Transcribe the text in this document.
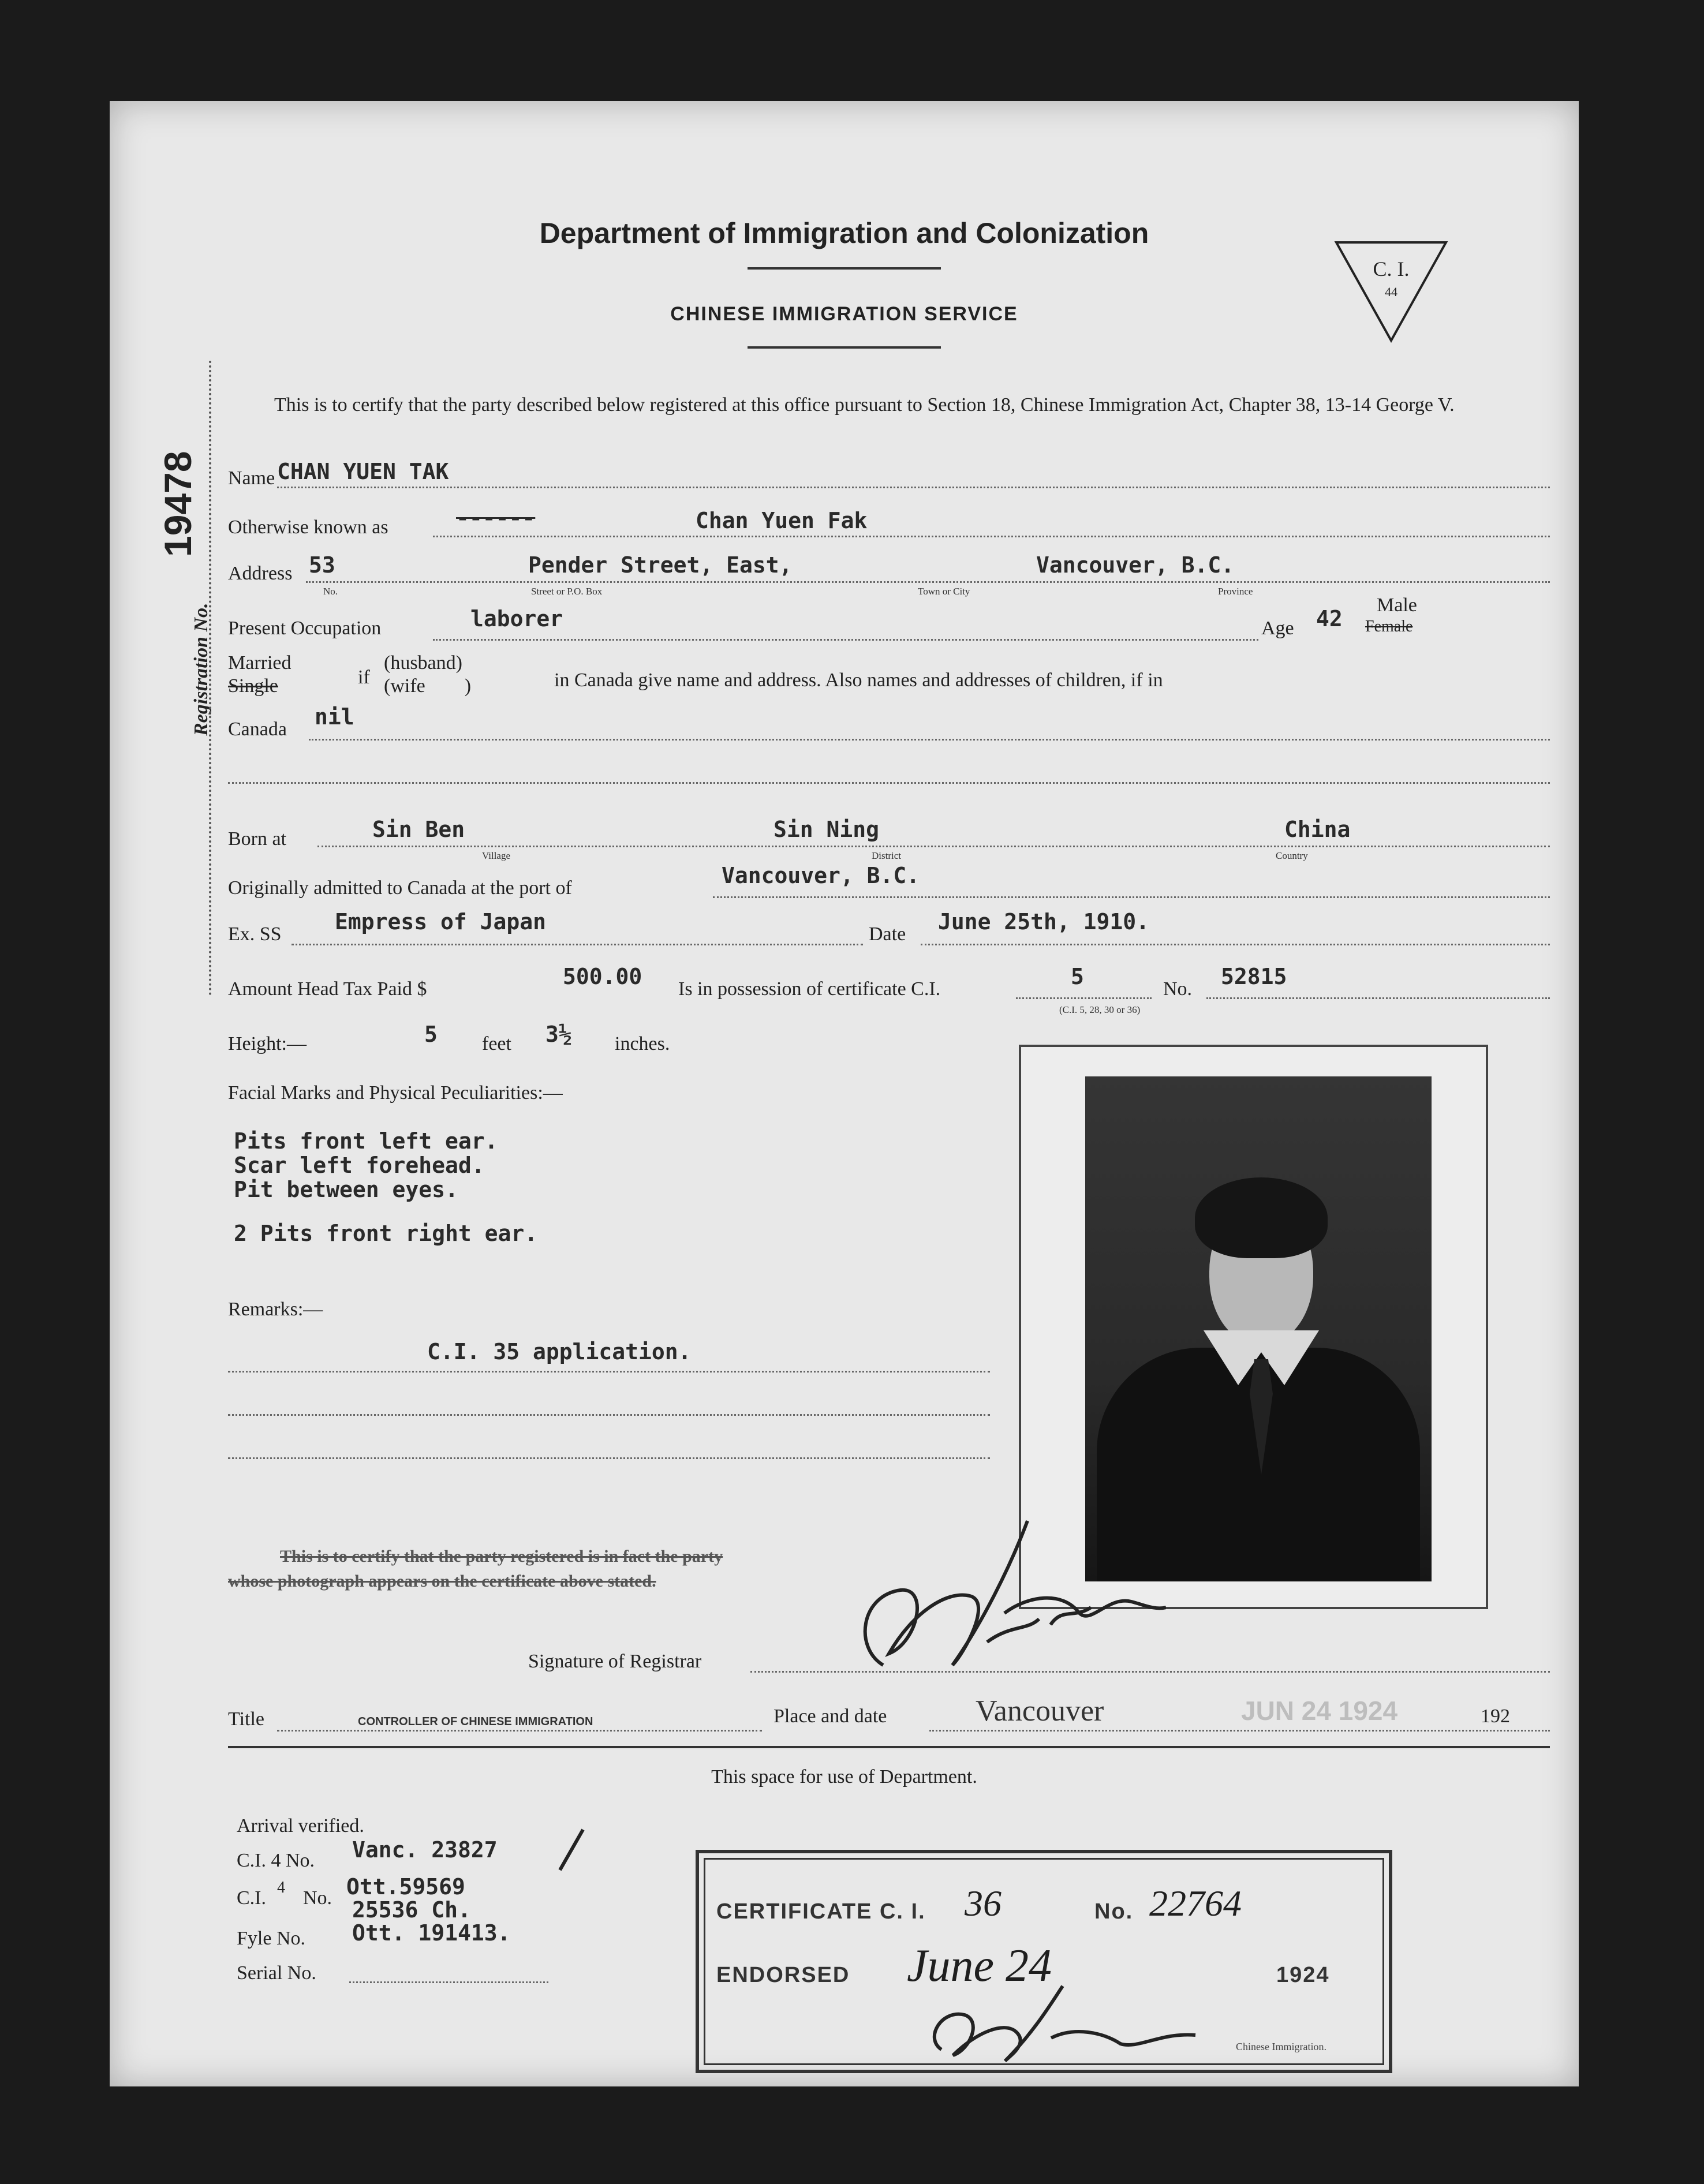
Department of Immigration and Colonization
CHINESE IMMIGRATION SERVICE
C. I.
44
19478
Registration No.
This is to certify that the party described below registered at this office pursuant to Section 18, Chinese Immigration Act, Chapter 38, 13-14 George V.
Name CHAN YUEN TAK
Otherwise known as	------	Chan Yuen Fak
Address 53	Pender Street, East,	Vancouver, B.C.
No.	Street or P.O. Box	Town or City	Province
Present Occupation	laborer	Age 42
Male
Female
Married
Single	if
(husband)
(wife        )	in Canada give name and address. Also names and addresses of children, if in
Canada nil
Born at	Sin Ben	Sin Ning	China
Village	District	Country
Originally admitted to Canada at the port of	Vancouver, B.C.
Ex. SS Empress of Japan	Date June 25th, 1910.
Amount Head Tax Paid $	500.00 Is in possession of certificate C.I.	5	No. 52815
(C.I. 5, 28, 30 or 36)
Height:—	5 feet 3½ inches.
Facial Marks and Physical Peculiarities:—
Pits front left ear.
Scar left forehead.
Pit between eyes.
2 Pits front right ear.
Remarks:—
C.I. 35 application.
This is to certify that the party registered is in fact the party
whose photograph appears on the certificate above stated.
Signature of Registrar
Title	CONTROLLER OF CHINESE IMMIGRATION	Place and date	Vancouver	JUN 24 1924	192
This space for use of Department.
Arrival verified.
C.I. 4 No. Vanc. 23827
C.I. 4 No. Ott.59569
25536 Ch.
Fyle No. Ott. 191413.
Serial No.
CERTIFICATE C. I. 36	No. 22764
ENDORSED June 24	1924
Chinese Immigration.
